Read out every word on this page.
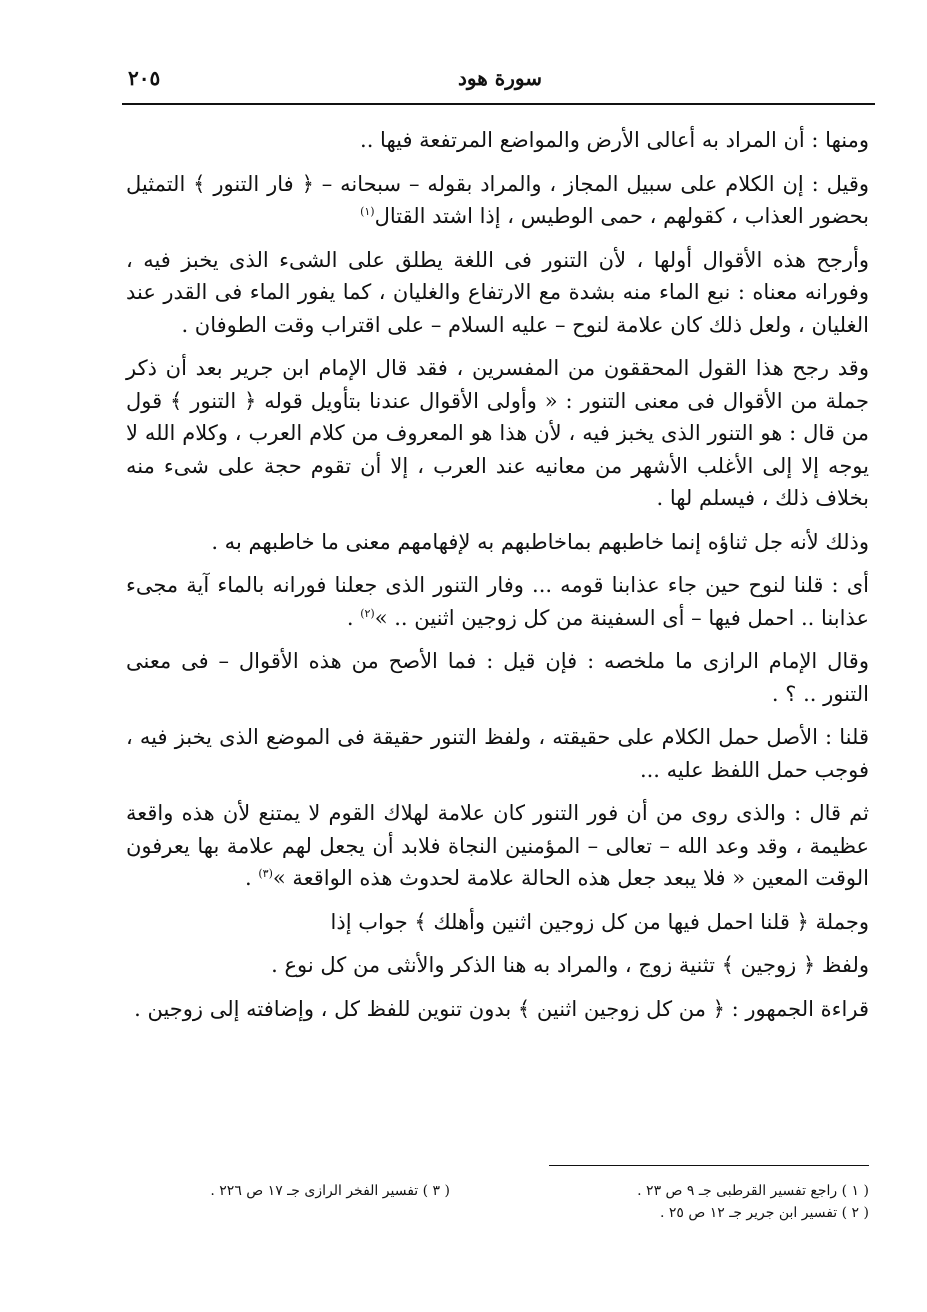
٢٠٥	سورة هود

ومنها : أن المراد به أعالى الأرض والمواضع المرتفعة فيها ..

وقيل : إن الكلام على سبيل المجاز ، والمراد بقوله – سبحانه – ﴿ فار التنور ﴾ التمثيل بحضور العذاب ، كقولهم ، حمى الوطيس ، إذا اشتد القتال$^{(١)}$

وأرجح هذه الأقوال أولها ، لأن التنور فى اللغة يطلق على الشىء الذى يخبز فيه ، وفورانه معناه : نبع الماء منه بشدة مع الارتفاع والغليان ، كما يفور الماء فى القدر عند الغليان ، ولعل ذلك كان علامة لنوح – عليه السلام – على اقتراب وقت الطوفان .

وقد رجح هذا القول المحققون من المفسرين ، فقد قال الإمام ابن جرير بعد أن ذكر جملة من الأقوال فى معنى التنور : « وأولى الأقوال عندنا بتأويل قوله ﴿ التنور ﴾ قول من قال : هو التنور الذى يخبز فيه ، لأن هذا هو المعروف من كلام العرب ، وكلام الله لا يوجه إلا إلى الأغلب الأشهر من معانيه عند العرب ، إلا أن تقوم حجة على شىء منه بخلاف ذلك ، فيسلم لها .

وذلك لأنه جل ثناؤه إنما خاطبهم بماخاطبهم به لإفهامهم معنى ما خاطبهم به .

أى : قلنا لنوح حين جاء عذابنا قومه ... وفار التنور الذى جعلنا فورانه بالماء آية مجىء عذابنا .. احمل فيها – أى السفينة من كل زوجين اثنين .. »$^{(٢)}$ .

وقال الإمام الرازى ما ملخصه : فإن قيل : فما الأصح من هذه الأقوال – فى معنى التنور .. ؟ .

قلنا : الأصل حمل الكلام على حقيقته ، ولفظ التنور حقيقة فى الموضع الذى يخبز فيه ، فوجب حمل اللفظ عليه ...

ثم قال : والذى روى من أن فور التنور كان علامة لهلاك القوم لا يمتنع لأن هذه واقعة عظيمة ، وقد وعد الله – تعالى – المؤمنين النجاة فلابد أن يجعل لهم علامة بها يعرفون الوقت المعين « فلا يبعد جعل هذه الحالة علامة لحدوث هذه الواقعة »$^{(٣)}$ .

وجملة ﴿ قلنا احمل فيها من كل زوجين اثنين وأهلك ﴾ جواب إذا

ولفظ ﴿ زوجين ﴾ تثنية زوج ، والمراد به هنا الذكر والأنثى من كل نوع .

قراءة الجمهور : ﴿ من كل زوجين اثنين ﴾ بدون تنوين للفظ كل ، وإضافته إلى زوجين .

( ١ ) راجع تفسير القرطبى جـ ٩ ص ٢٣ .
( ٢ ) تفسير ابن جرير جـ ١٢ ص ٢٥ .
( ٣ ) تفسير الفخر الرازى جـ ١٧ ص ٢٢٦ .
